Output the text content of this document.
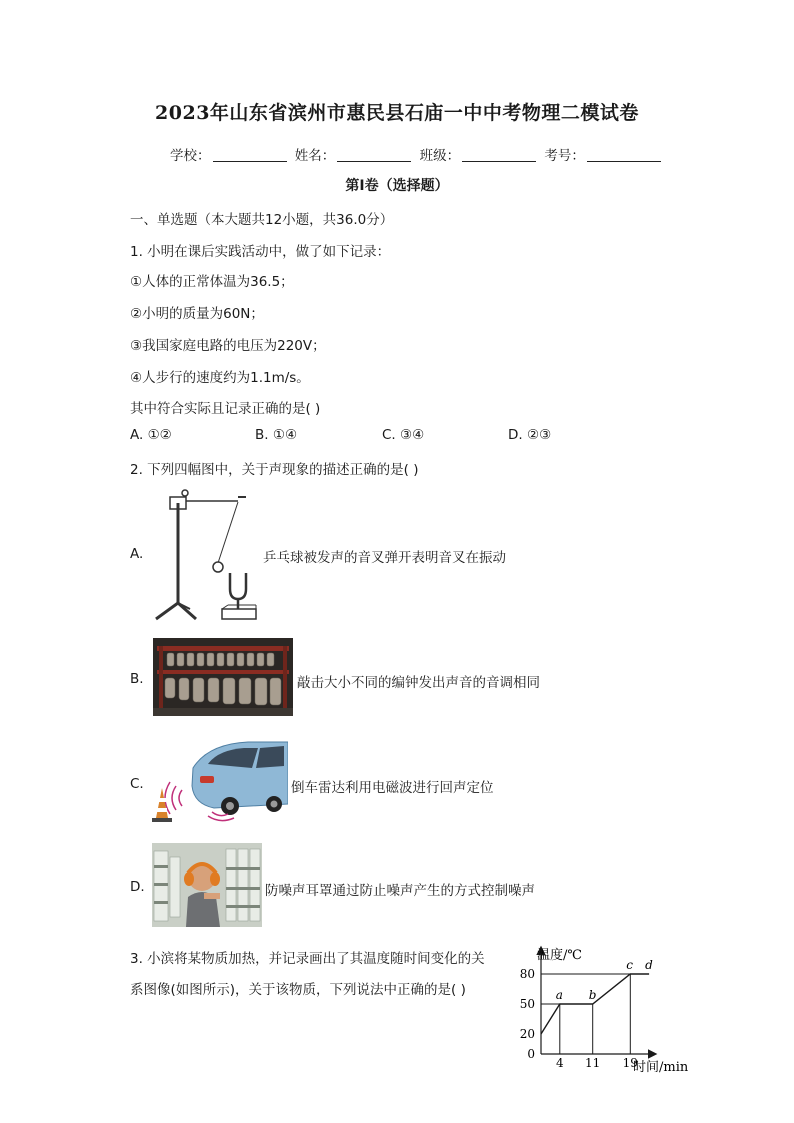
2023年山东省滨州市惠民县石庙一中中考物理二模试卷
学校：	姓名：	班级：	考号：
第I卷（选择题）
一、单选题（本大题共12小题，共36.0分）
1. 小明在课后实践活动中，做了如下记录：
①人体的正常体温为36.5；
②小明的质量为60N；
③我国家庭电路的电压为220V；
④人步行的速度约为1.1m/s。
其中符合实际且记录正确的是( )
A. ①②	B. ①④	C. ③④	D. ②③
2. 下列四幅图中，关于声现象的描述正确的是( )
A.	乒乓球被发声的音叉弹开表明音叉在振动
B.	敲击大小不同的编钟发出声音的音调相同
C.	倒车雷达利用电磁波进行回声定位
D.	防噪声耳罩通过防止噪声产生的方式控制噪声
3. 小滨将某物质加热，并记录画出了其温度随时间变化的关
系图像(如图所示)，关于该物质，下列说法中正确的是( )
温度/℃
时间/min
a b
c d
4 11 19
0
20
50
80
